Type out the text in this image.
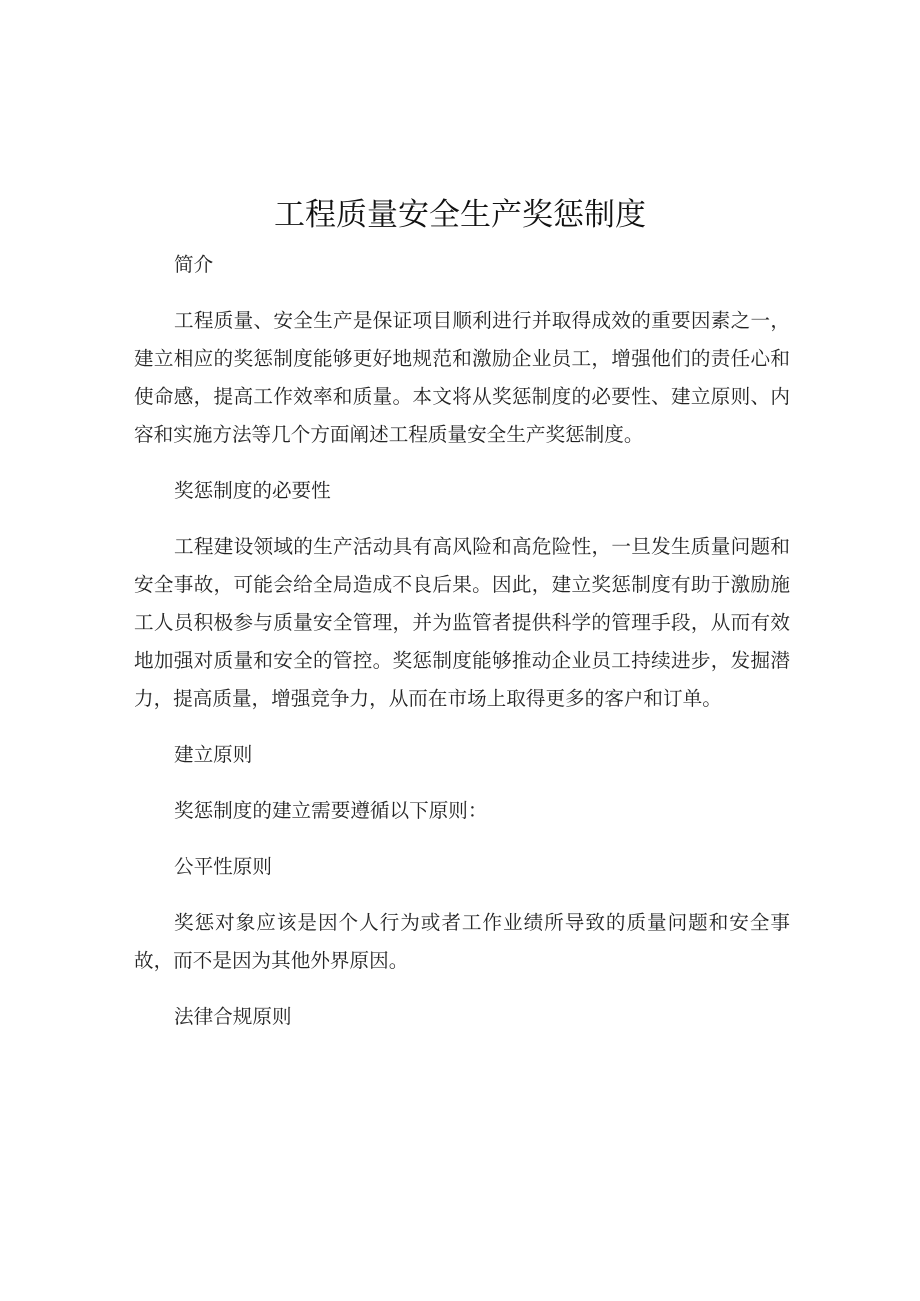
工程质量安全生产奖惩制度

简介

工程质量、安全生产是保证项目顺利进行并取得成效的重要因素之一，建立相应的奖惩制度能够更好地规范和激励企业员工，增强他们的责任心和使命感，提高工作效率和质量。本文将从奖惩制度的必要性、建立原则、内容和实施方法等几个方面阐述工程质量安全生产奖惩制度。

奖惩制度的必要性

工程建设领域的生产活动具有高风险和高危险性，一旦发生质量问题和安全事故，可能会给全局造成不良后果。因此，建立奖惩制度有助于激励施工人员积极参与质量安全管理，并为监管者提供科学的管理手段，从而有效地加强对质量和安全的管控。奖惩制度能够推动企业员工持续进步，发掘潜力，提高质量，增强竞争力，从而在市场上取得更多的客户和订单。

建立原则

奖惩制度的建立需要遵循以下原则：

公平性原则

奖惩对象应该是因个人行为或者工作业绩所导致的质量问题和安全事故，而不是因为其他外界原因。

法律合规原则
